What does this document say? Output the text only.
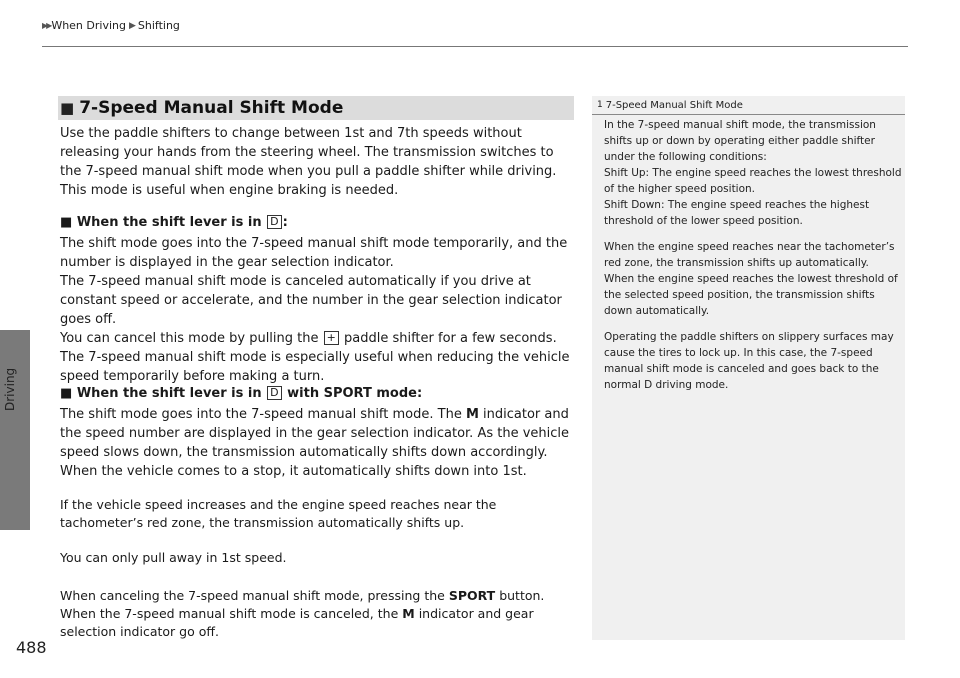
▶▶ When Driving ▶ Shifting
Driving
488
■ 7-Speed Manual Shift Mode

Use the paddle shifters to change between 1st and 7th speeds without releasing your hands from the steering wheel. The transmission switches to the 7-speed manual shift mode when you pull a paddle shifter while driving. This mode is useful when engine braking is needed.

■ When the shift lever is in D :

The shift mode goes into the 7-speed manual shift mode temporarily, and the number is displayed in the gear selection indicator.

The 7-speed manual shift mode is canceled automatically if you drive at constant speed or accelerate, and the number in the gear selection indicator goes off.

You can cancel this mode by pulling the + paddle shifter for a few seconds.

The 7-speed manual shift mode is especially useful when reducing the vehicle speed temporarily before making a turn.

■ When the shift lever is in D with SPORT mode:

The shift mode goes into the 7-speed manual shift mode. The M indicator and the speed number are displayed in the gear selection indicator. As the vehicle speed slows down, the transmission automatically shifts down accordingly. When the vehicle comes to a stop, it automatically shifts down into 1st.

If the vehicle speed increases and the engine speed reaches near the tachometer’s red zone, the transmission automatically shifts up.

You can only pull away in 1st speed.

When canceling the 7-speed manual shift mode, pressing the SPORT button. When the 7-speed manual shift mode is canceled, the M indicator and gear selection indicator go off.

1 7-Speed Manual Shift Mode

In the 7-speed manual shift mode, the transmission shifts up or down by operating either paddle shifter under the following conditions:

Shift Up: The engine speed reaches the lowest threshold of the higher speed position.

Shift Down: The engine speed reaches the highest threshold of the lower speed position.

When the engine speed reaches near the tachometer’s red zone, the transmission shifts up automatically.

When the engine speed reaches the lowest threshold of the selected speed position, the transmission shifts down automatically.

Operating the paddle shifters on slippery surfaces may cause the tires to lock up. In this case, the 7-speed manual shift mode is canceled and goes back to the normal D driving mode.
